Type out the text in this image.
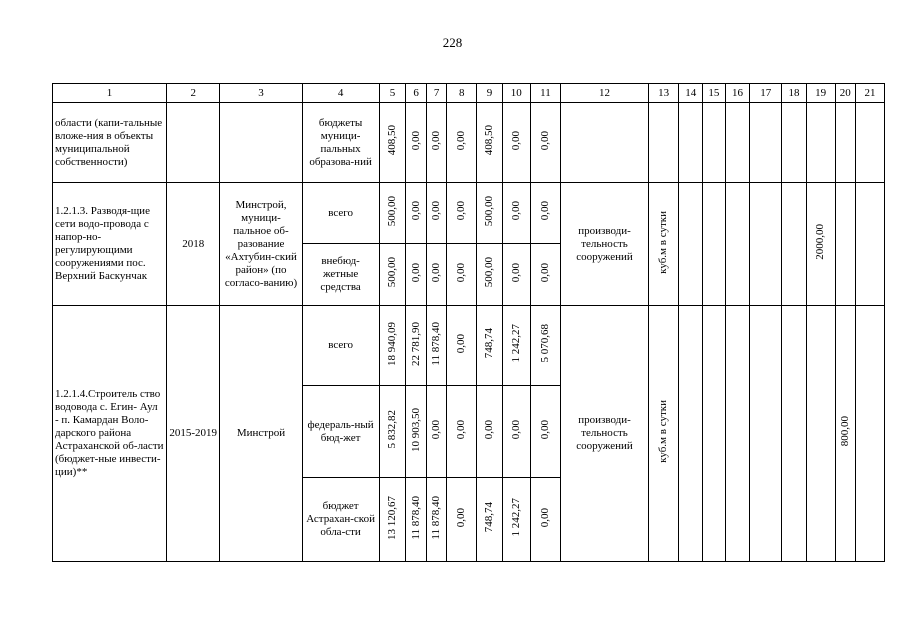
228
1	2	3	4	5	6	7	8	9	10	11	12	13	14	15	16	17	18	19	20	21
области (капи-тальные вложе-ния в объекты муниципальной собственности)			бюджеты муници-пальных образова-ний	408,50	0,00	0,00	0,00	408,50	0,00	0,00										
1.2.1.3. Разводя-щие сети водо-провода с напор-но-регулирующими сооружениями пос. Верхний Баскунчак	2018	Минстрой, муници-пальное об-разование «Ахтубин-ский район» (по согласо-ванию)	всего	500,00	0,00	0,00	0,00	500,00	0,00	0,00	производи-тельность сооружений	куб.м в сутки						2000,00		
			внебюд-жетные средства	500,00	0,00	0,00	0,00	500,00	0,00	0,00										
1.2.1.4.Строитель ство водовода с. Егин- Аул - п. Камардан Воло-дарского района Астраханской об-ласти (бюджет-ные инвести-ции)**	2015-2019	Минстрой	всего	18 940,09	22 781,90	11 878,40	0,00	748,74	1 242,27	5 070,68	производи-тельность сооружений	куб.м в сутки							800,00	
			федераль-ный бюд-жет	5 832,82	10 903,50	0,00	0,00	0,00	0,00	0,00										
			бюджет Астрахан-ской обла-сти	13 120,67	11 878,40	11 878,40	0,00	748,74	1 242,27	0,00										
